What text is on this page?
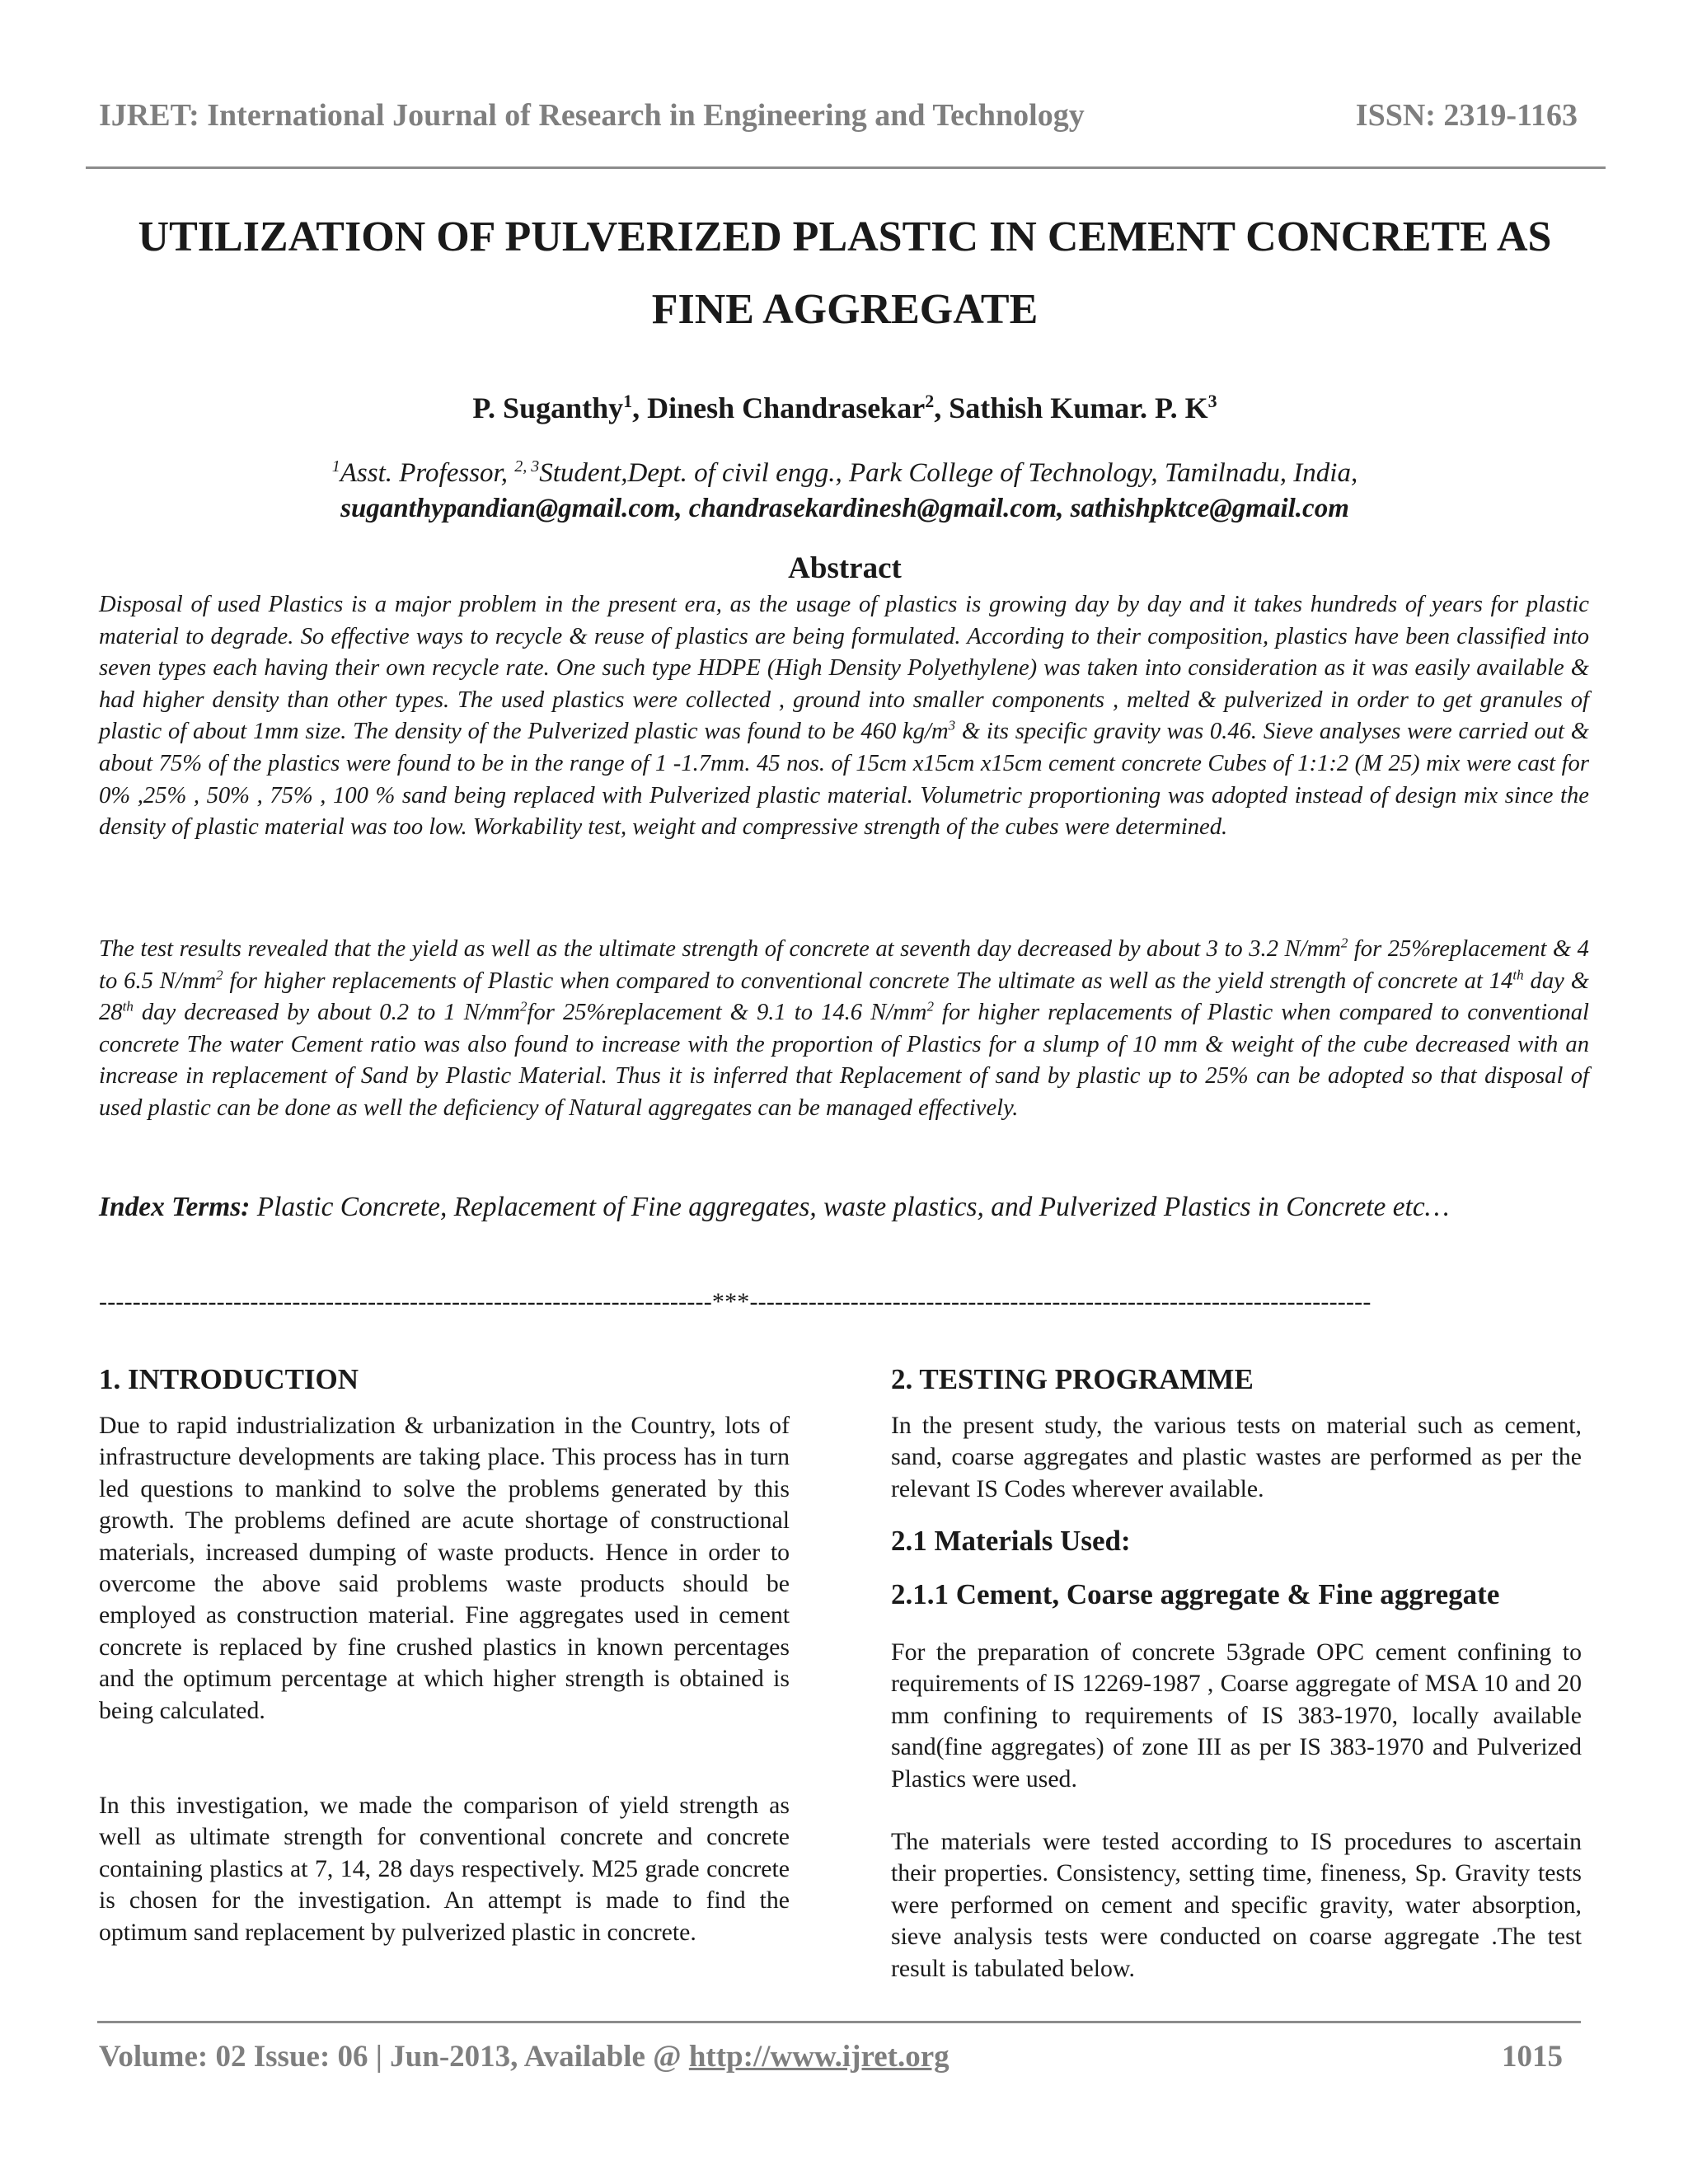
IJRET: International Journal of Research in Engineering and Technology	ISSN: 2319-1163
UTILIZATION OF PULVERIZED PLASTIC IN CEMENT CONCRETE AS
FINE AGGREGATE
P. Suganthy$^1$, Dinesh Chandrasekar$^2$, Sathish Kumar. P. $K^3$
$^1$Asst. Professor, $^{2, 3}$Student,Dept. of civil engg., Park College of Technology, Tamilnadu, India,
suganthypandian@gmail.com, chandrasekardinesh@gmail.com, sathishpktce@gmail.com
Abstract
Disposal of used Plastics is a major problem in the present era, as the usage of plastics is growing day by day and it takes hundreds of years for plastic material to degrade. So effective ways to recycle & reuse of plastics are being formulated. According to their composition, plastics have been classified into seven types each having their own recycle rate. One such type HDPE (High Density Polyethylene) was taken into consideration as it was easily available & had higher density than other types. The used plastics were collected , ground into smaller components , melted & pulverized in order to get granules of plastic of about 1mm size. The density of the Pulverized plastic was found to be 460 $kg/m^3$ & its specific gravity was 0.46. Sieve analyses were carried out & about 75% of the plastics were found to be in the range of 1 -1.7mm. 45 nos. of 15cm x15cm x15cm cement concrete Cubes of 1:1:2 (M 25) mix were cast for 0% ,25% , 50% , 75% , 100 % sand being replaced with Pulverized plastic material. Volumetric proportioning was adopted instead of design mix since the density of plastic material was too low. Workability test, weight and compressive strength of the cubes were determined.
The test results revealed that the yield as well as the ultimate strength of concrete at seventh day decreased by about 3 to 3.2 $N/mm^2$ for 25%replacement & 4 to 6.5 $N/mm^2$ for higher replacements of Plastic when compared to conventional concrete The ultimate as well as the yield strength of concrete at 14th day & 28th day decreased by about 0.2 to 1 $N/mm^2for$ 25%replacement & 9.1 to 14.6 $N/mm^2$ for higher replacements of Plastic when compared to conventional concrete The water Cement ratio was also found to increase with the proportion of Plastics for a slump of 10 mm & weight of the cube decreased with an increase in replacement of Sand by Plastic Material. Thus it is inferred that Replacement of sand by plastic up to 25% can be adopted so that disposal of used plastic can be done as well the deficiency of Natural aggregates can be managed effectively.
Index Terms: Plastic Concrete, Replacement of Fine aggregates, waste plastics, and Pulverized Plastics in Concrete etc…
-------------------------------------------------------------------------***--------------------------------------------------------------------------
1. INTRODUCTION
Due to rapid industrialization & urbanization in the Country, lots of infrastructure developments are taking place. This process has in turn led questions to mankind to solve the problems generated by this growth. The problems defined are acute shortage of constructional materials, increased dumping of waste products. Hence in order to overcome the above said problems waste products should be employed as construction material. Fine aggregates used in cement concrete is replaced by fine crushed plastics in known percentages and the optimum percentage at which higher strength is obtained is being calculated.
In this investigation, we made the comparison of yield strength as well as ultimate strength for conventional concrete and concrete containing plastics at 7, 14, 28 days respectively. M25 grade concrete is chosen for the investigation. An attempt is made to find the optimum sand replacement by pulverized plastic in concrete.
2. TESTING PROGRAMME
In the present study, the various tests on material such as cement, sand, coarse aggregates and plastic wastes are performed as per the relevant IS Codes wherever available.
2.1 Materials Used:
2.1.1 Cement, Coarse aggregate & Fine aggregate
For the preparation of concrete 53grade OPC cement confining to requirements of IS 12269-1987 , Coarse aggregate of MSA 10 and 20 mm confining to requirements of IS 383-1970, locally available sand(fine aggregates) of zone III as per IS 383-1970 and Pulverized Plastics were used.
The materials were tested according to IS procedures to ascertain their properties. Consistency, setting time, fineness, Sp. Gravity tests were performed on cement and specific gravity, water absorption, sieve analysis tests were conducted on coarse aggregate .The test result is tabulated below.
Volume: 02 Issue: 06 | Jun-2013, Available @ http://www.ijret.org	1015
